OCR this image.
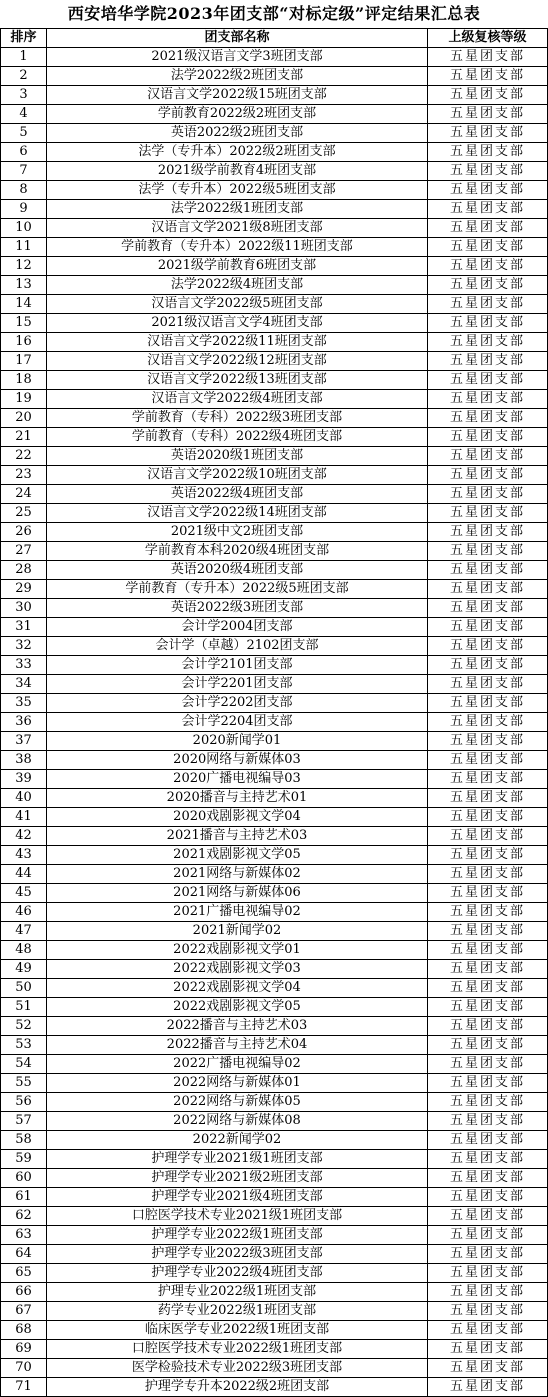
西安培华学院2023年团支部“对标定级”评定结果汇总表
排序	团支部名称	上级复核等级
1	2021级汉语言文学3班团支部	五星团支部
2	法学2022级2班团支部	五星团支部
3	汉语言文学2022级15班团支部	五星团支部
4	学前教育2022级2班团支部	五星团支部
5	英语2022级2班团支部	五星团支部
6	法学（专升本）2022级2班团支部	五星团支部
7	2021级学前教育4班团支部	五星团支部
8	法学（专升本）2022级5班团支部	五星团支部
9	法学2022级1班团支部	五星团支部
10	汉语言文学2021级8班团支部	五星团支部
11	学前教育（专升本）2022级11班团支部	五星团支部
12	2021级学前教育6班团支部	五星团支部
13	法学2022级4班团支部	五星团支部
14	汉语言文学2022级5班团支部	五星团支部
15	2021级汉语言文学4班团支部	五星团支部
16	汉语言文学2022级11班团支部	五星团支部
17	汉语言文学2022级12班团支部	五星团支部
18	汉语言文学2022级13班团支部	五星团支部
19	汉语言文学2022级4班团支部	五星团支部
20	学前教育（专科）2022级3班团支部	五星团支部
21	学前教育（专科）2022级4班团支部	五星团支部
22	英语2020级1班团支部	五星团支部
23	汉语言文学2022级10班团支部	五星团支部
24	英语2022级4班团支部	五星团支部
25	汉语言文学2022级14班团支部	五星团支部
26	2021级中文2班团支部	五星团支部
27	学前教育本科2020级4班团支部	五星团支部
28	英语2020级4班团支部	五星团支部
29	学前教育（专升本）2022级5班团支部	五星团支部
30	英语2022级3班团支部	五星团支部
31	会计学2004团支部	五星团支部
32	会计学（卓越）2102团支部	五星团支部
33	会计学2101团支部	五星团支部
34	会计学2201团支部	五星团支部
35	会计学2202团支部	五星团支部
36	会计学2204团支部	五星团支部
37	2020新闻学01	五星团支部
38	2020网络与新媒体03	五星团支部
39	2020广播电视编导03	五星团支部
40	2020播音与主持艺术01	五星团支部
41	2020戏剧影视文学04	五星团支部
42	2021播音与主持艺术03	五星团支部
43	2021戏剧影视文学05	五星团支部
44	2021网络与新媒体02	五星团支部
45	2021网络与新媒体06	五星团支部
46	2021广播电视编导02	五星团支部
47	2021新闻学02	五星团支部
48	2022戏剧影视文学01	五星团支部
49	2022戏剧影视文学03	五星团支部
50	2022戏剧影视文学04	五星团支部
51	2022戏剧影视文学05	五星团支部
52	2022播音与主持艺术03	五星团支部
53	2022播音与主持艺术04	五星团支部
54	2022广播电视编导02	五星团支部
55	2022网络与新媒体01	五星团支部
56	2022网络与新媒体05	五星团支部
57	2022网络与新媒体08	五星团支部
58	2022新闻学02	五星团支部
59	护理学专业2021级1班团支部	五星团支部
60	护理学专业2021级2班团支部	五星团支部
61	护理学专业2021级4班团支部	五星团支部
62	口腔医学技术专业2021级1班团支部	五星团支部
63	护理学专业2022级1班团支部	五星团支部
64	护理学专业2022级3班团支部	五星团支部
65	护理学专业2022级4班团支部	五星团支部
66	护理专业2022级1班团支部	五星团支部
67	药学专业2022级1班团支部	五星团支部
68	临床医学专业2022级1班团支部	五星团支部
69	口腔医学技术专业2022级1班团支部	五星团支部
70	医学检验技术专业2022级3班团支部	五星团支部
71	护理学专升本2022级2班团支部	五星团支部
